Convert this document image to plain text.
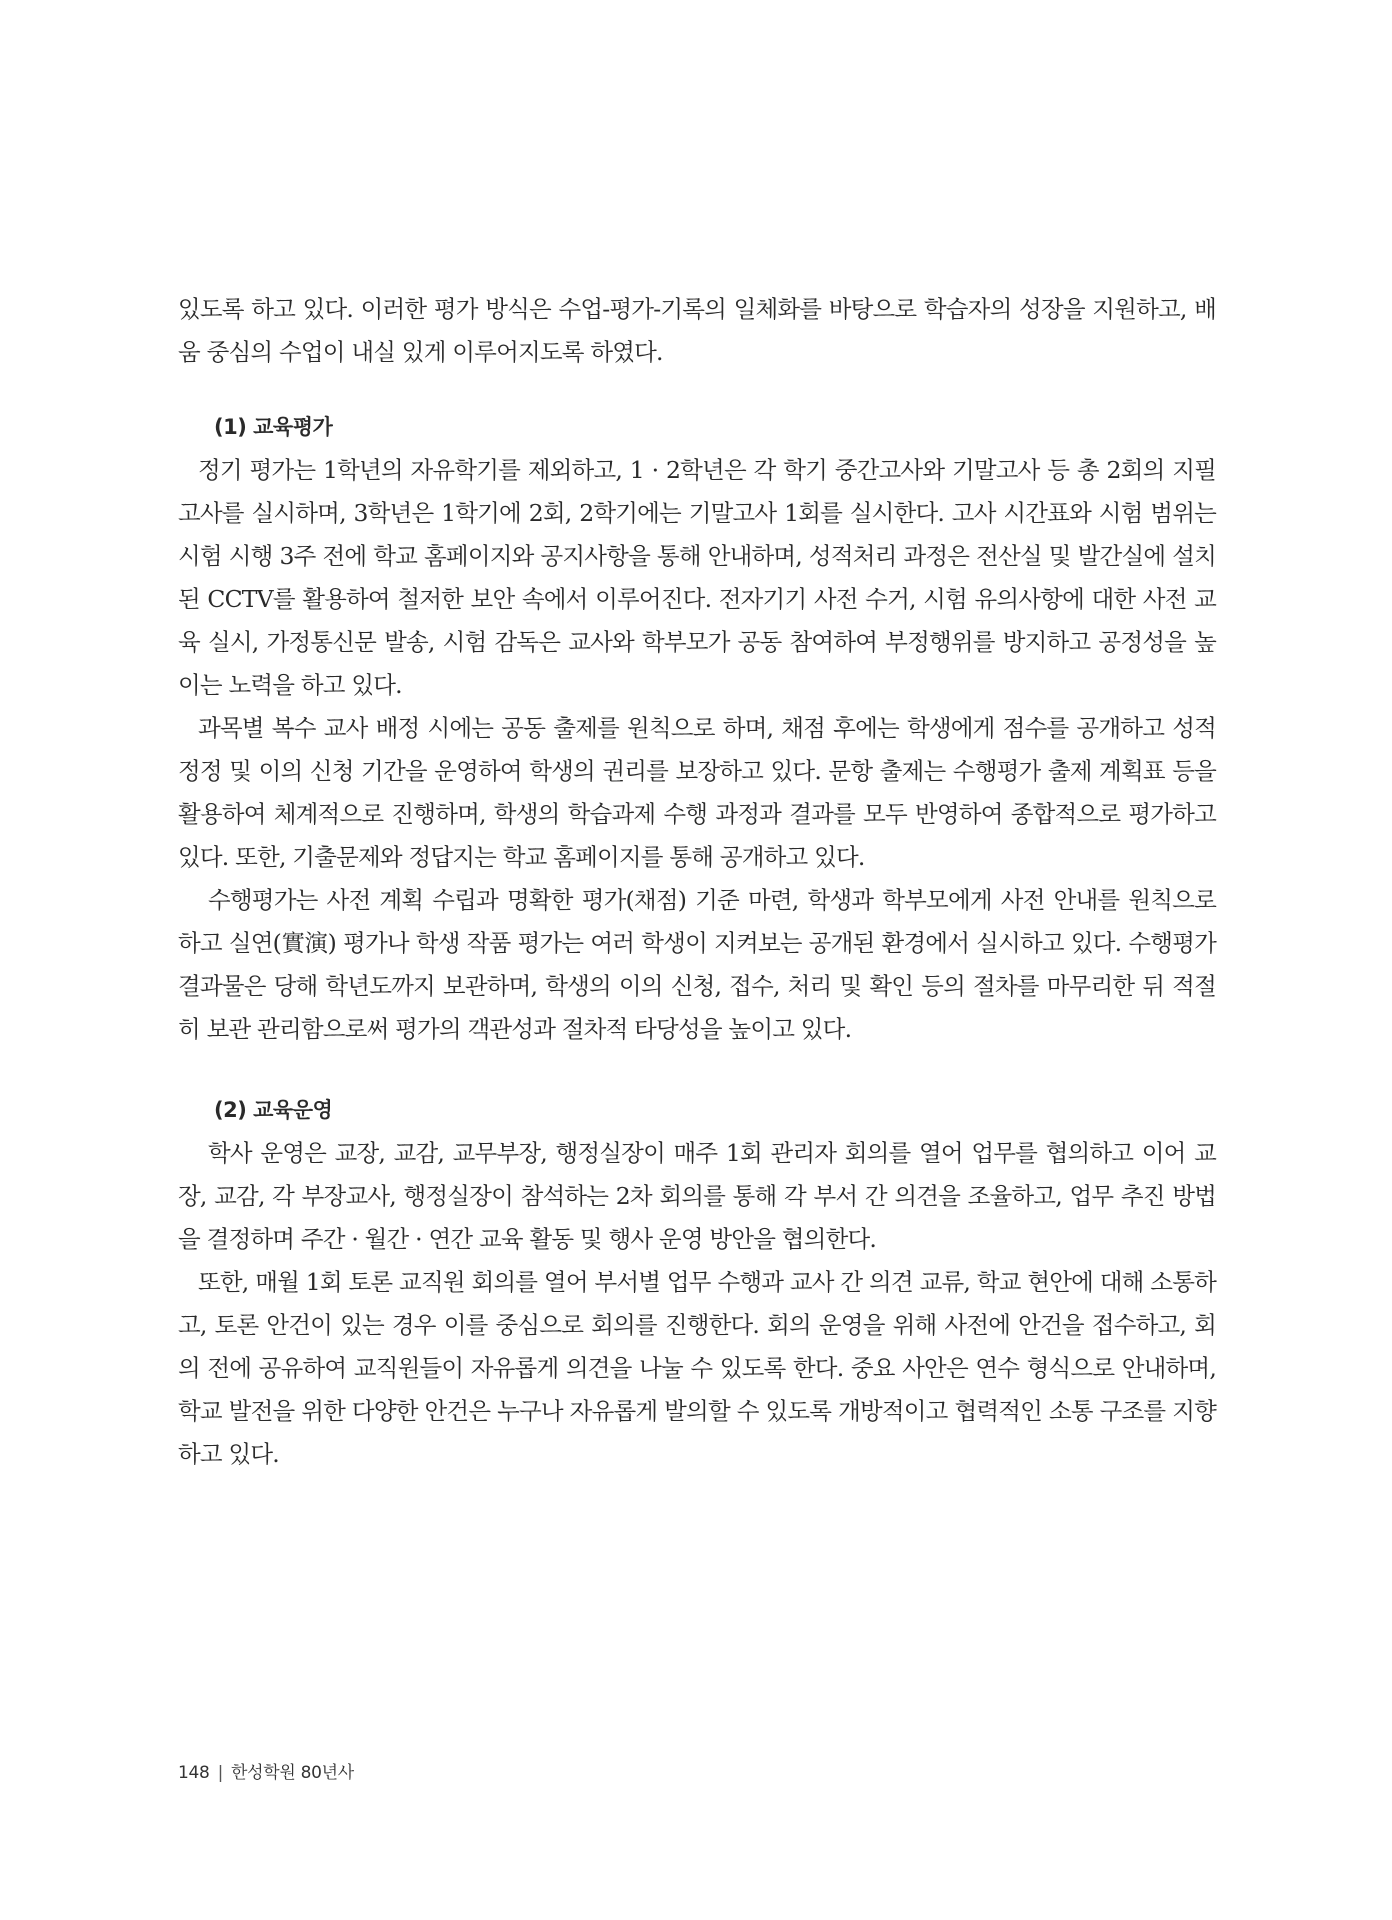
있도록 하고 있다. 이러한 평가 방식은 수업-평가-기록의 일체화를 바탕으로 학습자의 성장을 지원하고, 배움 중심의 수업이 내실 있게 이루어지도록 하였다.

(1) 교육평가

정기 평가는 1학년의 자유학기를 제외하고, 1 · 2학년은 각 학기 중간고사와 기말고사 등 총 2회의 지필고사를 실시하며, 3학년은 1학기에 2회, 2학기에는 기말고사 1회를 실시한다. 고사 시간표와 시험 범위는 시험 시행 3주 전에 학교 홈페이지와 공지사항을 통해 안내하며, 성적처리 과정은 전산실 및 발간실에 설치된 CCTV를 활용하여 철저한 보안 속에서 이루어진다. 전자기기 사전 수거, 시험 유의사항에 대한 사전 교육 실시, 가정통신문 발송, 시험 감독은 교사와 학부모가 공동 참여하여 부정행위를 방지하고 공정성을 높이는 노력을 하고 있다.

과목별 복수 교사 배정 시에는 공동 출제를 원칙으로 하며, 채점 후에는 학생에게 점수를 공개하고 성적 정정 및 이의 신청 기간을 운영하여 학생의 권리를 보장하고 있다. 문항 출제는 수행평가 출제 계획표 등을 활용하여 체계적으로 진행하며, 학생의 학습과제 수행 과정과 결과를 모두 반영하여 종합적으로 평가하고 있다. 또한, 기출문제와 정답지는 학교 홈페이지를 통해 공개하고 있다.

수행평가는 사전 계획 수립과 명확한 평가(채점) 기준 마련, 학생과 학부모에게 사전 안내를 원칙으로 하고 실연(實演) 평가나 학생 작품 평가는 여러 학생이 지켜보는 공개된 환경에서 실시하고 있다. 수행평가 결과물은 당해 학년도까지 보관하며, 학생의 이의 신청, 접수, 처리 및 확인 등의 절차를 마무리한 뒤 적절히 보관 관리함으로써 평가의 객관성과 절차적 타당성을 높이고 있다.

(2) 교육운영

학사 운영은 교장, 교감, 교무부장, 행정실장이 매주 1회 관리자 회의를 열어 업무를 협의하고 이어 교장, 교감, 각 부장교사, 행정실장이 참석하는 2차 회의를 통해 각 부서 간 의견을 조율하고, 업무 추진 방법을 결정하며 주간 · 월간 · 연간 교육 활동 및 행사 운영 방안을 협의한다.

또한, 매월 1회 토론 교직원 회의를 열어 부서별 업무 수행과 교사 간 의견 교류, 학교 현안에 대해 소통하고, 토론 안건이 있는 경우 이를 중심으로 회의를 진행한다. 회의 운영을 위해 사전에 안건을 접수하고, 회의 전에 공유하여 교직원들이 자유롭게 의견을 나눌 수 있도록 한다. 중요 사안은 연수 형식으로 안내하며, 학교 발전을 위한 다양한 안건은 누구나 자유롭게 발의할 수 있도록 개방적이고 협력적인 소통 구조를 지향하고 있다.

148 | 한성학원 80년사
